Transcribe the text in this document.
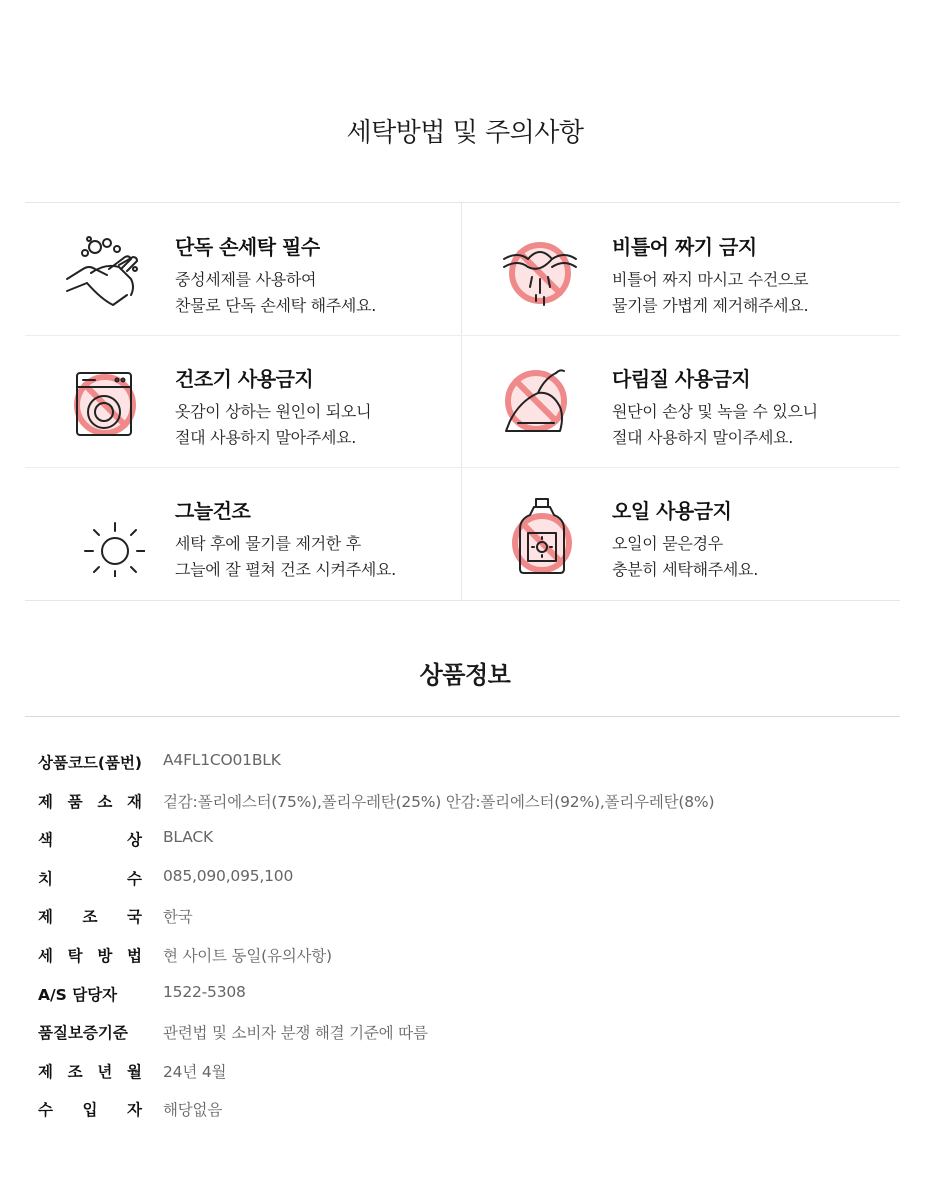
세탁방법 및 주의사항
단독 손세탁 필수
중성세제를 사용하여
찬물로 단독 손세탁 해주세요.
비틀어 짜기 금지
비틀어 짜지 마시고 수건으로
물기를 가볍게 제거해주세요.
건조기 사용금지
옷감이 상하는 원인이 되오니
절대 사용하지 말아주세요.
다림질 사용금지
원단이 손상 및 녹을 수 있으니
절대 사용하지 말이주세요.
그늘건조
세탁 후에 물기를 제거한 후
그늘에 잘 펼쳐 건조 시켜주세요.
오일 사용금지
오일이 묻은경우
충분히 세탁해주세요.
상품정보
상품코드(품번) A4FL1CO01BLK
제 품 소 재 겉감:폴리에스터(75%),폴리우레탄(25%) 안감:폴리에스터(92%),폴리우레탄(8%)
색	상 BLACK
치	수 085,090,095,100
제 조 국 한국
세 탁 방 법 현 사이트 동일(유의사항)
A/S 담당자	1522-5308
품질보증기준	관련법 및 소비자 분쟁 해결 기준에 따름
제 조 년 월 24년 4월
수 입 자 해당없음
